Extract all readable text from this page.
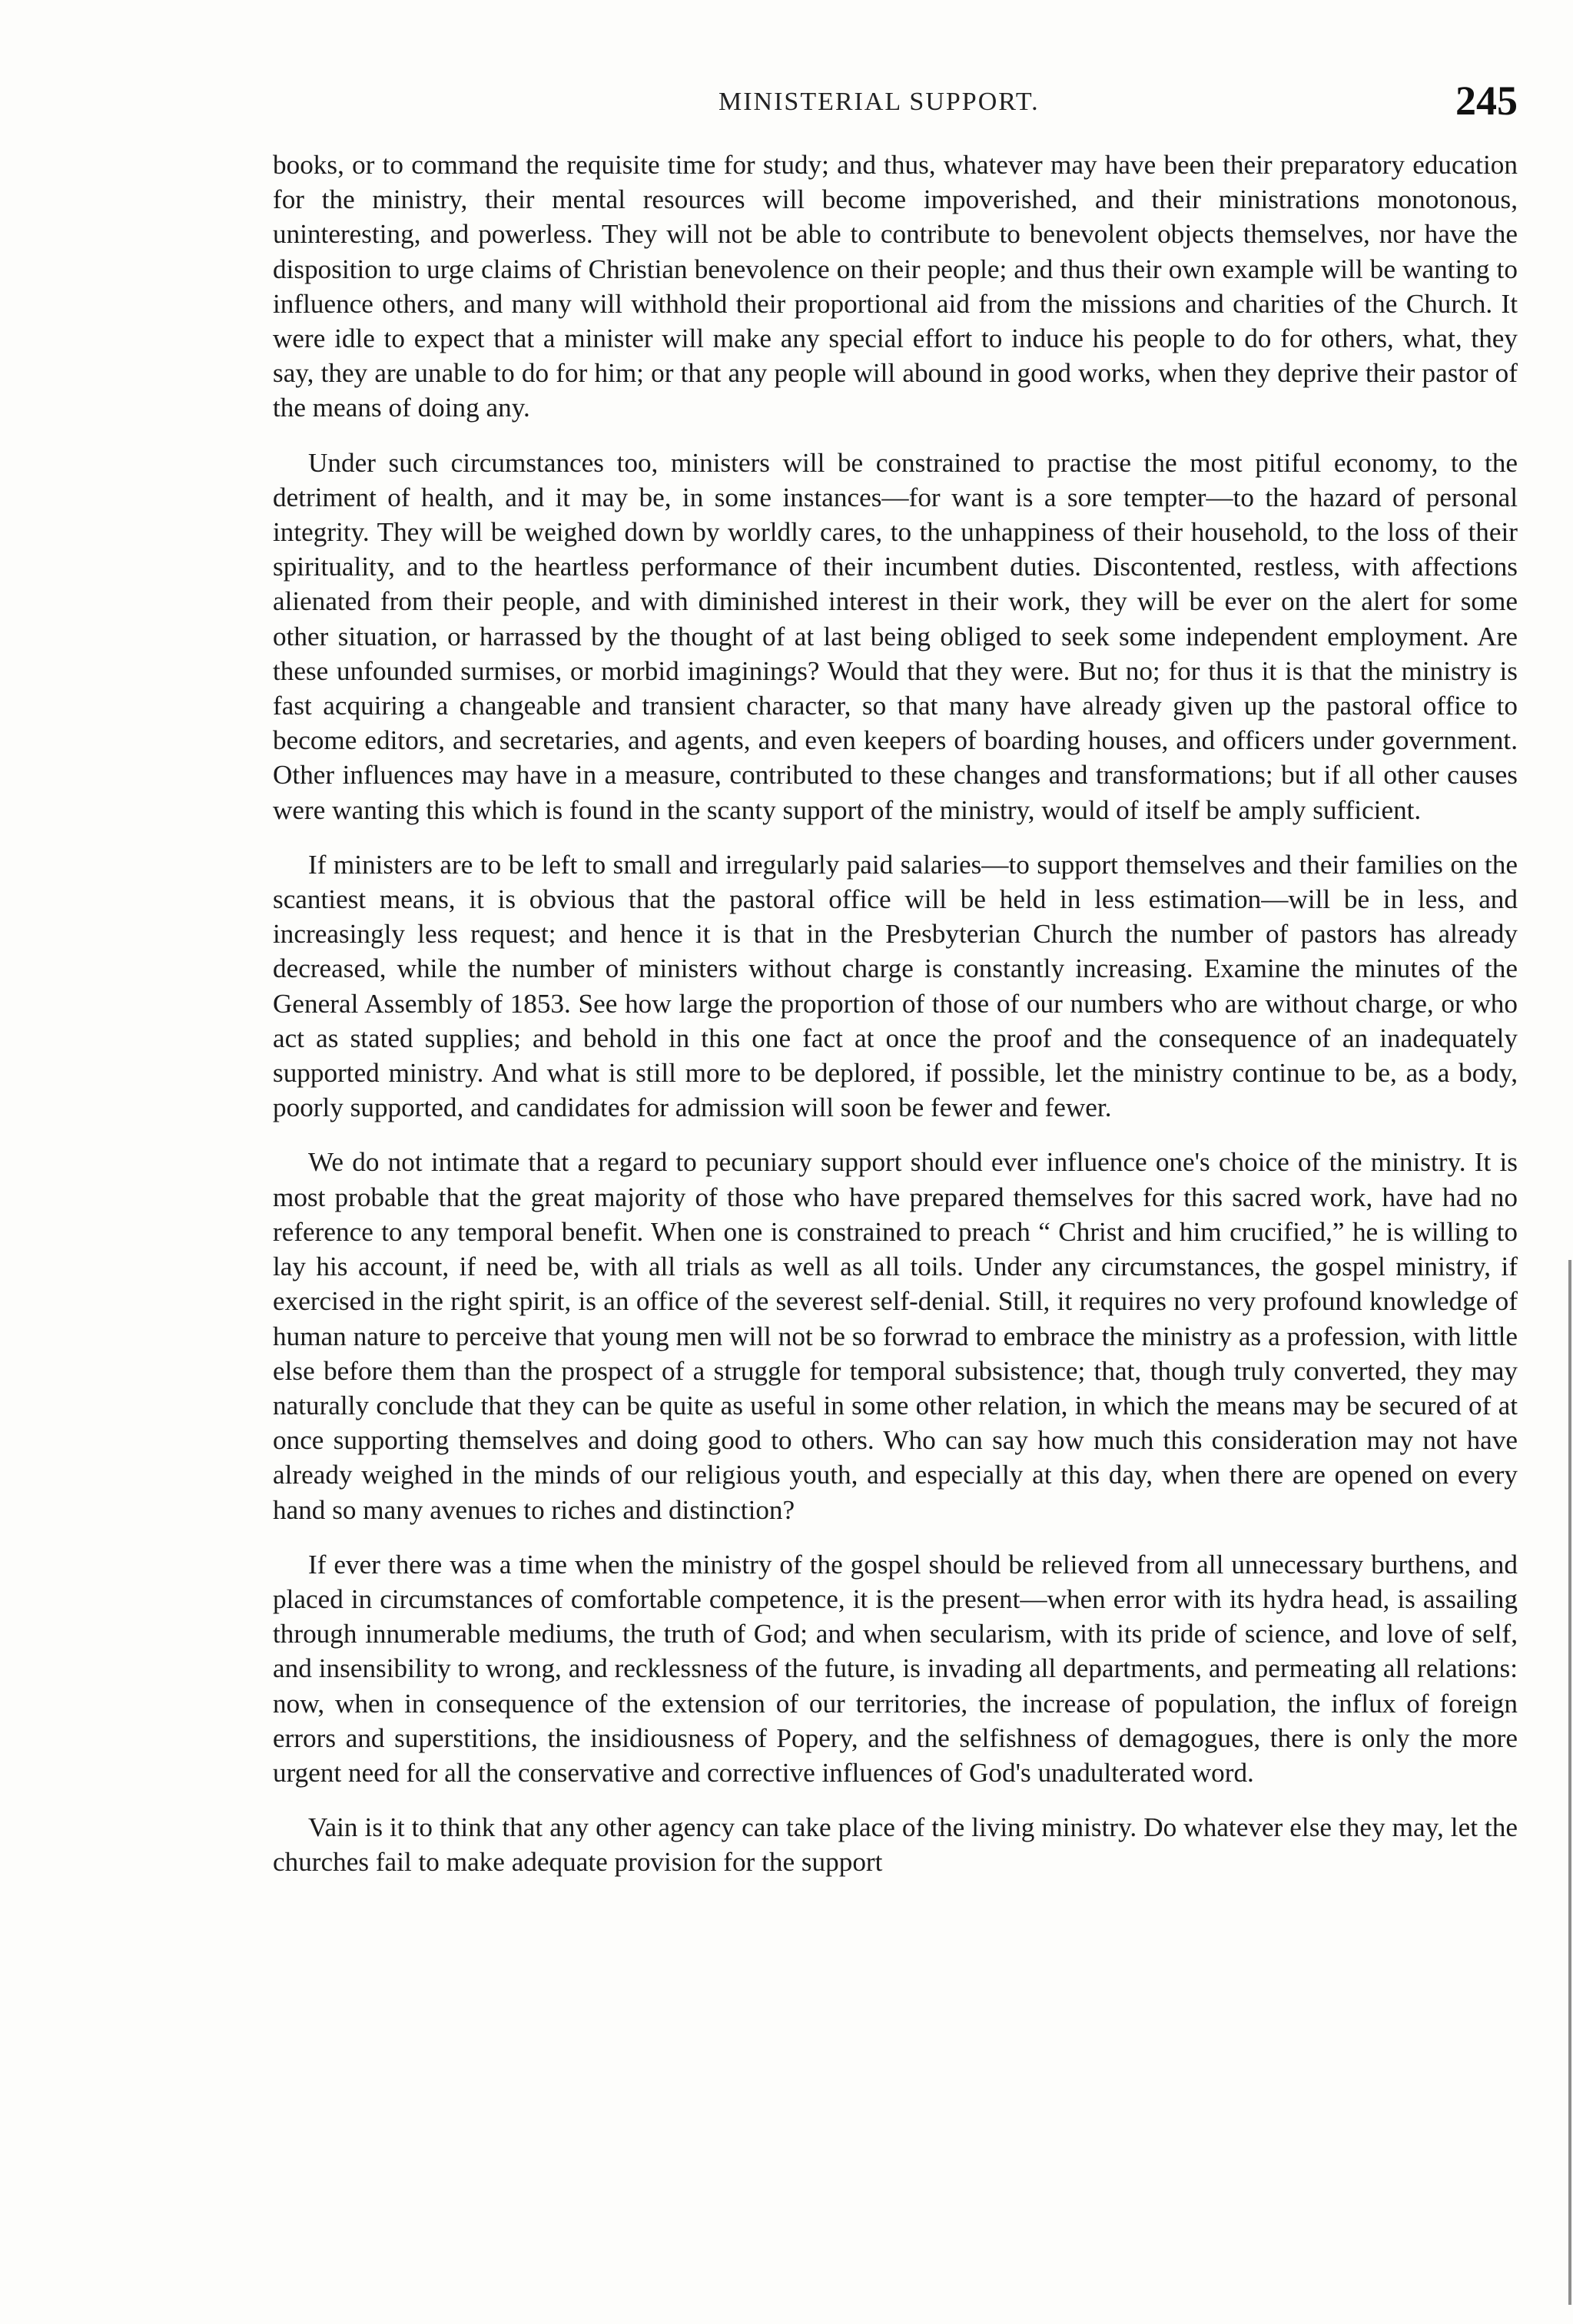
MINISTERIAL SUPPORT.	245

books, or to command the requisite time for study; and thus, whatever may have been their preparatory education for the ministry, their mental resources will become impoverished, and their ministrations monotonous, uninteresting, and powerless. They will not be able to contribute to benevolent objects themselves, nor have the disposition to urge claims of Christian benevolence on their people; and thus their own example will be wanting to influence others, and many will withhold their proportional aid from the missions and charities of the Church. It were idle to expect that a minister will make any special effort to induce his people to do for others, what, they say, they are unable to do for him; or that any people will abound in good works, when they deprive their pastor of the means of doing any.

Under such circumstances too, ministers will be constrained to practise the most pitiful economy, to the detriment of health, and it may be, in some instances—for want is a sore tempter—to the hazard of personal integrity. They will be weighed down by worldly cares, to the unhappiness of their household, to the loss of their spirituality, and to the heartless performance of their incumbent duties. Discontented, restless, with affections alienated from their people, and with diminished interest in their work, they will be ever on the alert for some other situation, or harrassed by the thought of at last being obliged to seek some independent employment. Are these unfounded surmises, or morbid imaginings? Would that they were. But no; for thus it is that the ministry is fast acquiring a changeable and transient character, so that many have already given up the pastoral office to become editors, and secretaries, and agents, and even keepers of boarding houses, and officers under government. Other influences may have in a measure, contributed to these changes and transformations; but if all other causes were wanting this which is found in the scanty support of the ministry, would of itself be amply sufficient.

If ministers are to be left to small and irregularly paid salaries—to support themselves and their families on the scantiest means, it is obvious that the pastoral office will be held in less estimation—will be in less, and increasingly less request; and hence it is that in the Presbyterian Church the number of pastors has already decreased, while the number of ministers without charge is constantly increasing. Examine the minutes of the General Assembly of 1853. See how large the proportion of those of our numbers who are without charge, or who act as stated supplies; and behold in this one fact at once the proof and the consequence of an inadequately supported ministry. And what is still more to be deplored, if possible, let the ministry continue to be, as a body, poorly supported, and candidates for admission will soon be fewer and fewer.

We do not intimate that a regard to pecuniary support should ever influence one's choice of the ministry. It is most probable that the great majority of those who have prepared themselves for this sacred work, have had no reference to any temporal benefit. When one is constrained to preach “ Christ and him crucified,” he is willing to lay his account, if need be, with all trials as well as all toils. Under any circumstances, the gospel ministry, if exercised in the right spirit, is an office of the severest self-denial. Still, it requires no very profound knowledge of human nature to perceive that young men will not be so forwrad to embrace the ministry as a profession, with little else before them than the prospect of a struggle for temporal subsistence; that, though truly converted, they may naturally conclude that they can be quite as useful in some other relation, in which the means may be secured of at once supporting themselves and doing good to others. Who can say how much this consideration may not have already weighed in the minds of our religious youth, and especially at this day, when there are opened on every hand so many avenues to riches and distinction?

If ever there was a time when the ministry of the gospel should be relieved from all unnecessary burthens, and placed in circumstances of comfortable competence, it is the present—when error with its hydra head, is assailing through innumerable mediums, the truth of God; and when secularism, with its pride of science, and love of self, and insensibility to wrong, and recklessness of the future, is invading all departments, and permeating all relations: now, when in consequence of the extension of our territories, the increase of population, the influx of foreign errors and superstitions, the insidiousness of Popery, and the selfishness of demagogues, there is only the more urgent need for all the conservative and corrective influences of God's unadulterated word.

Vain is it to think that any other agency can take place of the living ministry. Do whatever else they may, let the churches fail to make adequate provision for the support
